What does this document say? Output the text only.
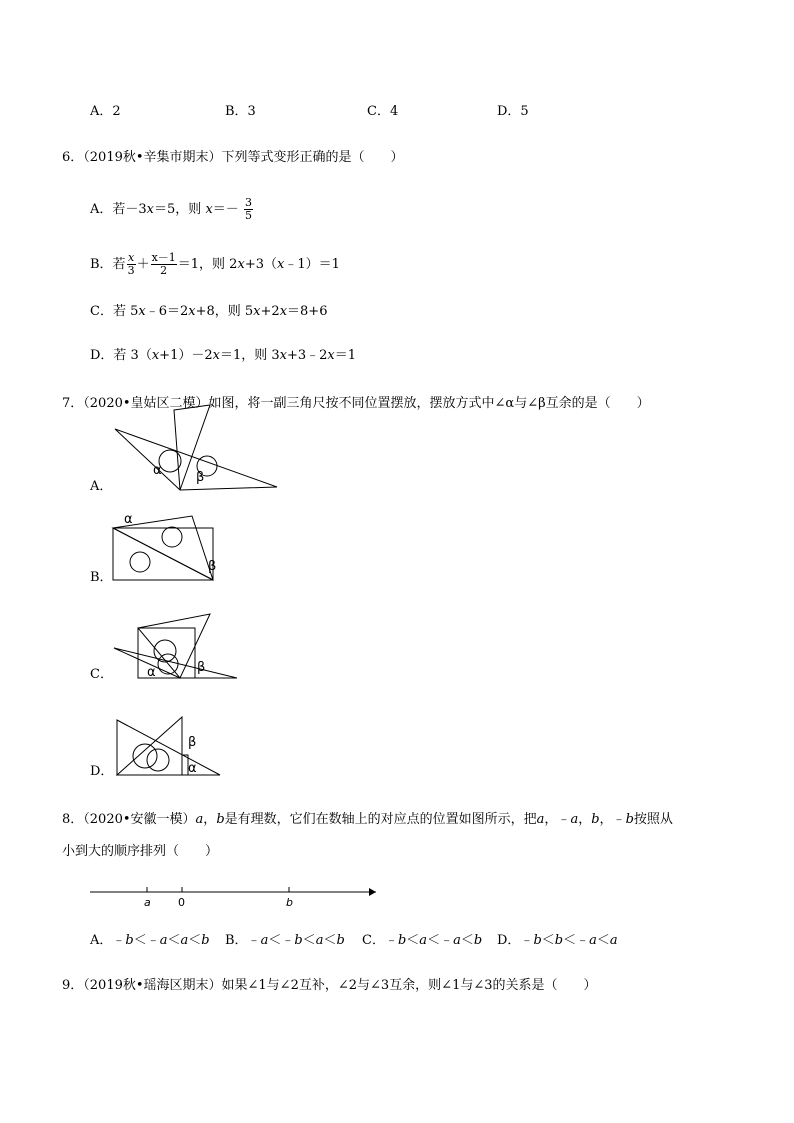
A．2	B．3	C．4	D．5
6．（2019秋•辛集市期末）下列等式变形正确的是（　　）
A．若－3x＝5，则 $x=- \frac{3}{5}$
B．若 $\frac{x}{3} + \frac{x-1}{2} =1$，则 2x+3（x﹣1）＝1
C．若 5x﹣6＝2x+8，则 5x+2x＝8+6
D．若 3（x+1）－2x＝1，则 3x+3﹣2x＝1
7．（2020•皇姑区二模）如图，将一副三角尺按不同位置摆放，摆放方式中∠α与∠β互余的是（　　）
A．
α	β
B．
α
β
C．	α	β
D．
β
α
8．（2020•安徽一模）a，b是有理数，它们在数轴上的对应点的位置如图所示，把a，﹣a，b，﹣b按照从
小到大的顺序排列（　　）
a 0	b
A．﹣b＜﹣a＜a＜b B．﹣a＜﹣b＜a＜b C．﹣b＜a＜﹣a＜b D．﹣b＜b＜﹣a＜a
9．（2019秋•瑶海区期末）如果∠1与∠2互补，∠2与∠3互余，则∠1与∠3的关系是（　　）
